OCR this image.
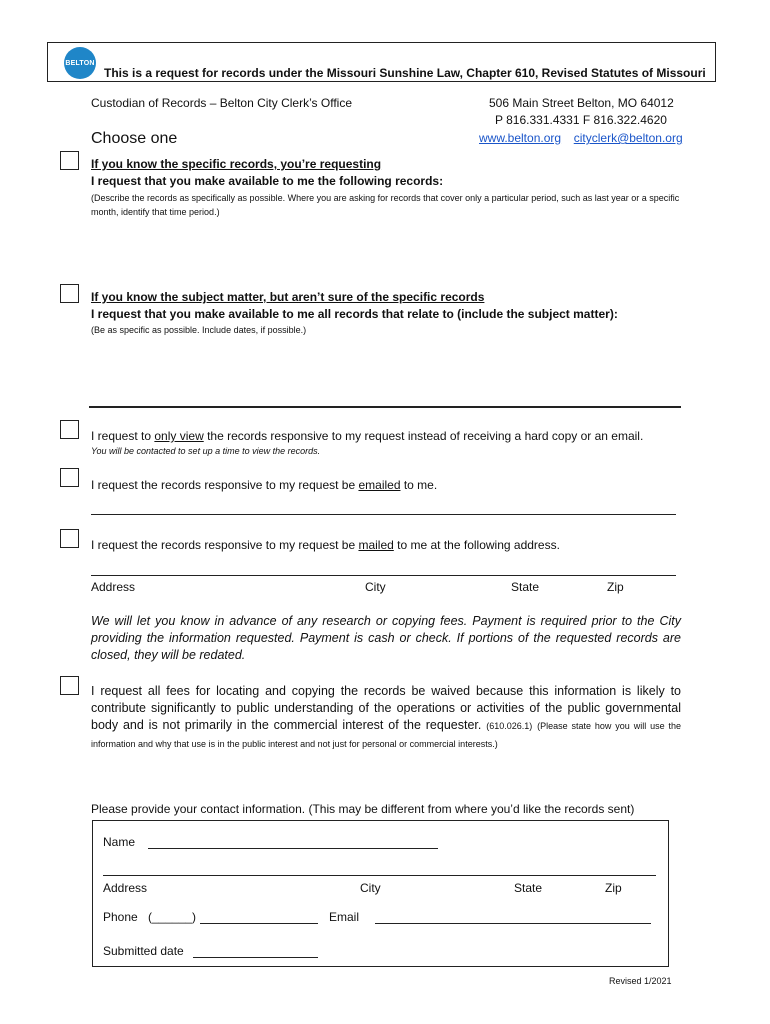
BELTON
This is a request for records under the Missouri Sunshine Law, Chapter 610, Revised Statutes of Missouri
Custodian of Records – Belton City Clerk’s Office	506 Main Street Belton, MO 64012
P 816.331.4331 F 816.322.4620
www.belton.org cityclerk@belton.org
Choose one
If you know the specific records, you’re requesting
I request that you make available to me the following records:
(Describe the records as specifically as possible. Where you are asking for records that cover only a particular period, such as last year or a specific month, identify that time period.)
If you know the subject matter, but aren’t sure of the specific records
I request that you make available to me all records that relate to (include the subject matter):
(Be as specific as possible. Include dates, if possible.)
I request to only view the records responsive to my request instead of receiving a hard copy or an email.
You will be contacted to set up a time to view the records.
I request the records responsive to my request be emailed to me.
I request the records responsive to my request be mailed to me at the following address.
Address	City	State	Zip
We will let you know in advance of any research or copying fees. Payment is required prior to the City providing the information requested. Payment is cash or check. If portions of the requested records are closed, they will be redated.
I request all fees for locating and copying the records be waived because this information is likely to contribute significantly to public understanding of the operations or activities of the public governmental body and is not primarily in the commercial interest of the requester. (610.026.1) (Please state how you will use the information and why that use is in the public interest and not just for personal or commercial interests.)
Please provide your contact information. (This may be different from where you’d like the records sent)
Name
Address	City	State	Zip
Phone (______)	Email
Submitted date
Revised 1/2021
